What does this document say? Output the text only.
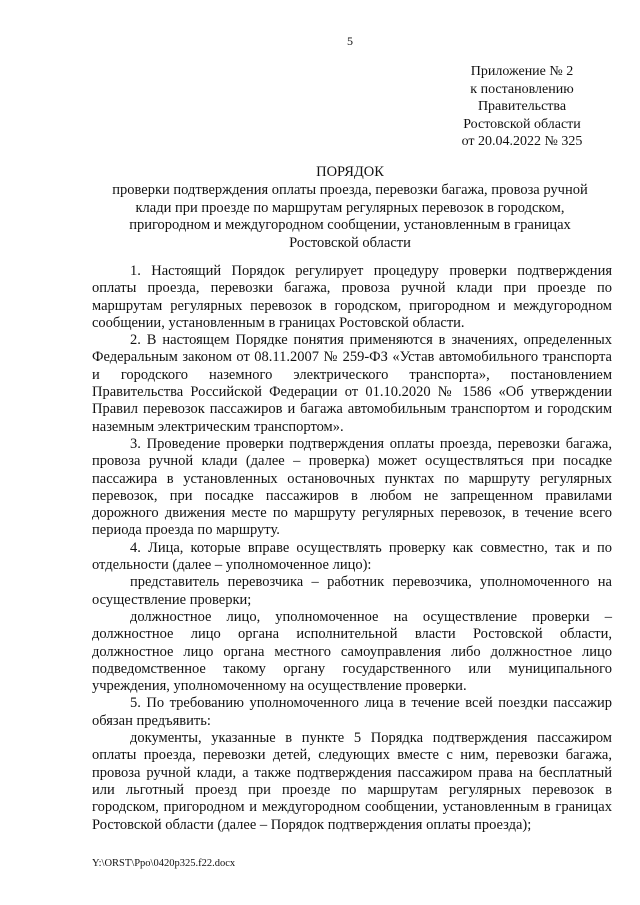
5
Приложение № 2
к постановлению
Правительства
Ростовской области
от 20.04.2022 № 325
ПОРЯДОК
проверки подтверждения оплаты проезда, перевозки багажа, провоза ручной клади при проезде по маршрутам регулярных перевозок в городском, пригородном и междугородном сообщении, установленным в границах Ростовской области

1. Настоящий Порядок регулирует процедуру проверки подтверждения оплаты проезда, перевозки багажа, провоза ручной клади при проезде по маршрутам регулярных перевозок в городском, пригородном и междугородном сообщении, установленным в границах Ростовской области.

2. В настоящем Порядке понятия применяются в значениях, определенных Федеральным законом от 08.11.2007 № 259-ФЗ «Устав автомобильного транспорта и городского наземного электрического транспорта», постановлением Правительства Российской Федерации от 01.10.2020 № 1586 «Об утверждении Правил перевозок пассажиров и багажа автомобильным транспортом и городским наземным электрическим транспортом».

3. Проведение проверки подтверждения оплаты проезда, перевозки багажа, провоза ручной клади (далее – проверка) может осуществляться при посадке пассажира в установленных остановочных пунктах по маршруту регулярных перевозок, при посадке пассажиров в любом не запрещенном правилами дорожного движения месте по маршруту регулярных перевозок, в течение всего периода проезда по маршруту.

4. Лица, которые вправе осуществлять проверку как совместно, так и по отдельности (далее – уполномоченное лицо):

представитель перевозчика – работник перевозчика, уполномоченного на осуществление проверки;

должностное лицо, уполномоченное на осуществление проверки – должностное лицо органа исполнительной власти Ростовской области, должностное лицо органа местного самоуправления либо должностное лицо подведомственное такому органу государственного или муниципального учреждения, уполномоченному на осуществление проверки.

5. По требованию уполномоченного лица в течение всей поездки пассажир обязан предъявить:

документы, указанные в пункте 5 Порядка подтверждения пассажиром оплаты проезда, перевозки детей, следующих вместе с ним, перевозки багажа, провоза ручной клади, а также подтверждения пассажиром права на бесплатный или льготный проезд при проезде по маршрутам регулярных перевозок в городском, пригородном и междугородном сообщении, установленным в границах Ростовской области (далее – Порядок подтверждения оплаты проезда);

Y:\ORST\Ppo\0420p325.f22.docx
